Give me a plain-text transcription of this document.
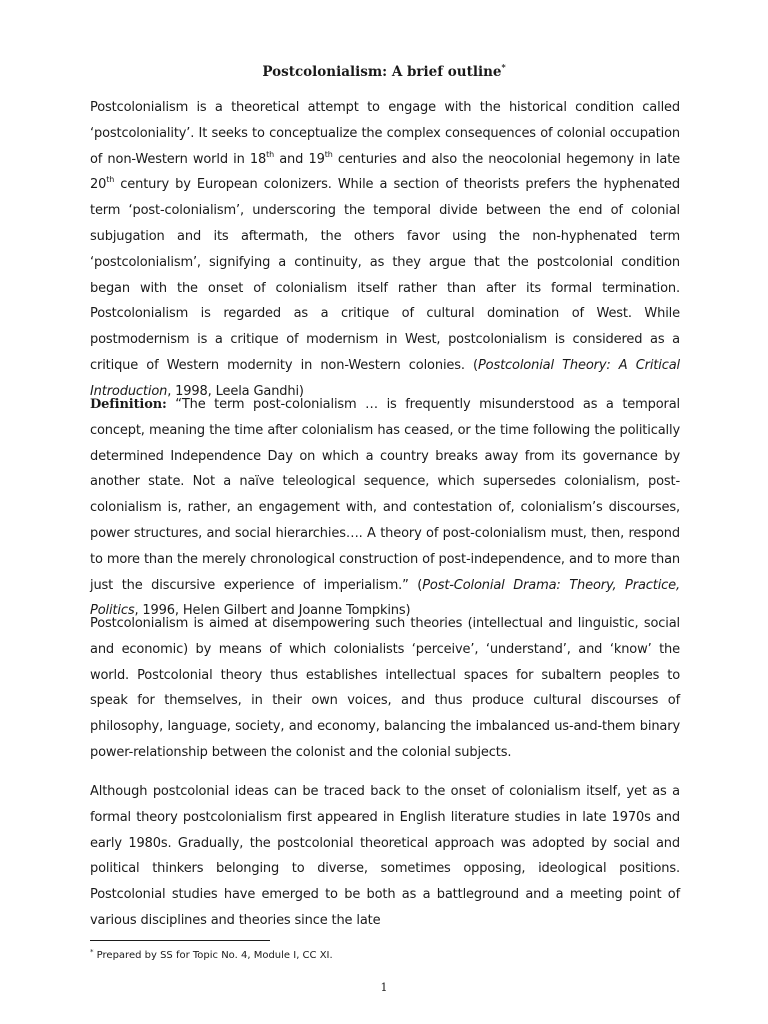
Postcolonialism: A brief outline*

Postcolonialism is a theoretical attempt to engage with the historical condition called ‘postcoloniality’. It seeks to conceptualize the complex consequences of colonial occupation of non-Western world in 18th and 19th centuries and also the neocolonial hegemony in late 20th century by European colonizers. While a section of theorists prefers the hyphenated term ‘post-colonialism’, underscoring the temporal divide between the end of colonial subjugation and its aftermath, the others favor using the non-hyphenated term ‘postcolonialism’, signifying a continuity, as they argue that the postcolonial condition began with the onset of colonialism itself rather than after its formal termination. Postcolonialism is regarded as a critique of cultural domination of West. While postmodernism is a critique of modernism in West, postcolonialism is considered as a critique of Western modernity in non-Western colonies. (Postcolonial Theory: A Critical Introduction, 1998, Leela Gandhi)

Definition: “The term post-colonialism … is frequently misunderstood as a temporal concept, meaning the time after colonialism has ceased, or the time following the politically determined Independence Day on which a country breaks away from its governance by another state. Not a naïve teleological sequence, which supersedes colonialism, post-colonialism is, rather, an engagement with, and contestation of, colonialism’s discourses, power structures, and social hierarchies…. A theory of post-colonialism must, then, respond to more than the merely chronological construction of post-independence, and to more than just the discursive experience of imperialism.” (Post-Colonial Drama: Theory, Practice, Politics, 1996, Helen Gilbert and Joanne Tompkins)

Postcolonialism is aimed at disempowering such theories (intellectual and linguistic, social and economic) by means of which colonialists ‘perceive’, ‘understand’, and ‘know’ the world. Postcolonial theory thus establishes intellectual spaces for subaltern peoples to speak for themselves, in their own voices, and thus produce cultural discourses of philosophy, language, society, and economy, balancing the imbalanced us-and-them binary power-relationship between the colonist and the colonial subjects.

Although postcolonial ideas can be traced back to the onset of colonialism itself, yet as a formal theory postcolonialism first appeared in English literature studies in late 1970s and early 1980s. Gradually, the postcolonial theoretical approach was adopted by social and political thinkers belonging to diverse, sometimes opposing, ideological positions. Postcolonial studies have emerged to be both as a battleground and a meeting point of various disciplines and theories since the late

* Prepared by SS for Topic No. 4, Module I, CC XI.
1
